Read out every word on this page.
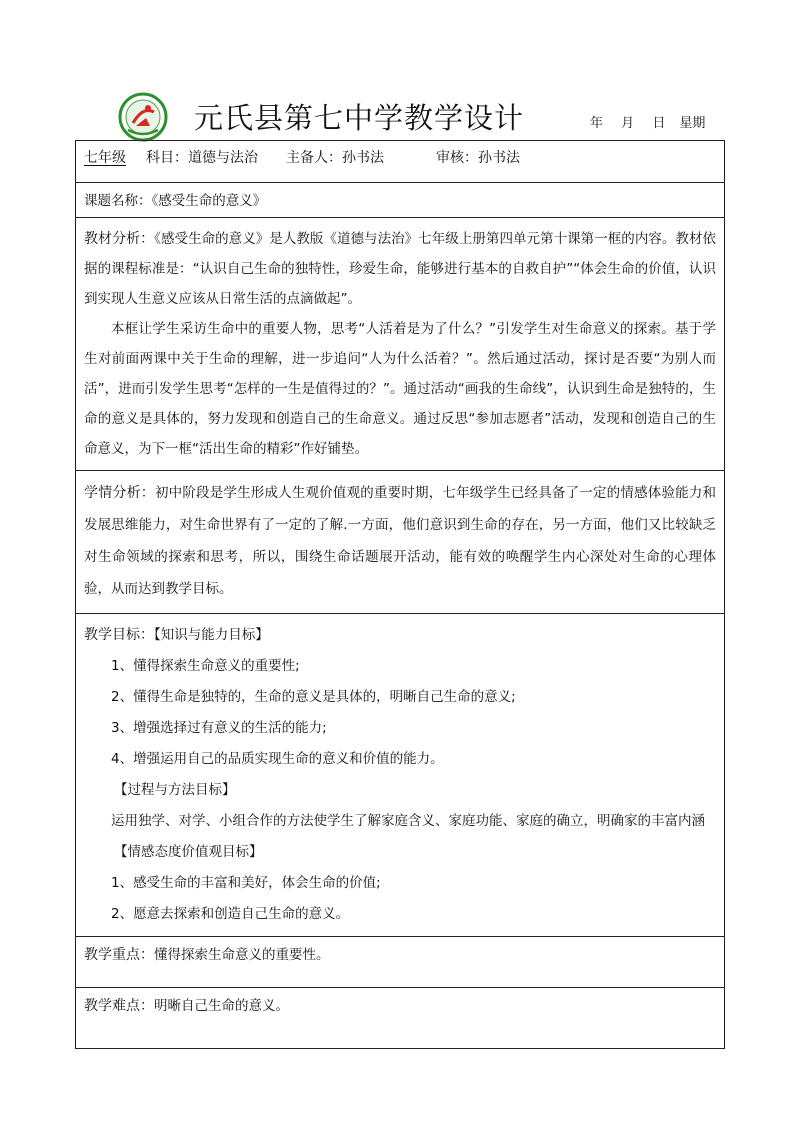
元氏县第七中学教学设计	年 月 日 星期
七年级 科目： 道德与法治 主备人： 孙书法	审核： 孙书法

课题名称：《感受生命的意义》

教材分析：《感受生命的意义》是人教版《道德与法治》七年级上册第四单元第十课第一框的内容。教材依据的课程标准是：“认识自己生命的独特性，珍爱生命，能够进行基本的自救自护”“体会生命的价值，认识到实现人生意义应该从日常生活的点滴做起”。

本框让学生采访生命中的重要人物，思考“人活着是为了什么？”引发学生对生命意义的探索。基于学生对前面两课中关于生命的理解，进一步追问“人为什么活着？”。然后通过活动，探讨是否要“为别人而活”，进而引发学生思考“怎样的一生是值得过的？”。通过活动“画我的生命线”，认识到生命是独特的，生命的意义是具体的，努力发现和创造自己的生命意义。通过反思“参加志愿者”活动，发现和创造自己的生命意义，为下一框“活出生命的精彩”作好铺垫。

学情分析：初中阶段是学生形成人生观价值观的重要时期，七年级学生已经具备了一定的情感体验能力和发展思维能力，对生命世界有了一定的了解.一方面，他们意识到生命的存在，另一方面，他们又比较缺乏对生命领域的探索和思考，所以，围绕生命话题展开活动，能有效的唤醒学生内心深处对生命的心理体验，从而达到教学目标。

教学目标：【知识与能力目标】

1、懂得探索生命意义的重要性;

2、懂得生命是独特的，生命的意义是具体的，明晰自己生命的意义;

3、增强选择过有意义的生活的能力;

4、增强运用自己的品质实现生命的意义和价值的能力。

【过程与方法目标】

运用独学、对学、小组合作的方法使学生了解家庭含义、家庭功能、家庭的确立，明确家的丰富内涵

【情感态度价值观目标】

1、感受生命的丰富和美好，体会生命的价值;

2、愿意去探索和创造自己生命的意义。

教学重点：懂得探索生命意义的重要性。
教学难点：明晰自己生命的意义。
